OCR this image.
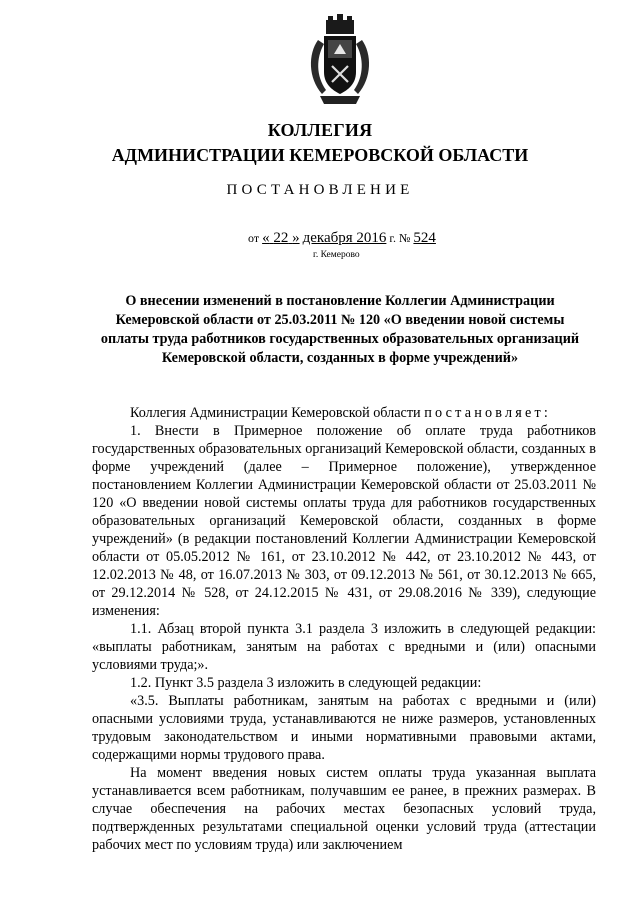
КОЛЛЕГИЯ
АДМИНИСТРАЦИИ КЕМЕРОВСКОЙ ОБЛАСТИ
ПОСТАНОВЛЕНИЕ
от « 22 » декабря 2016 г. № 524
г. Кемерово
О внесении изменений в постановление Коллегии Администрации Кемеровской области от 25.03.2011 № 120 «О введении новой системы оплаты труда работников государственных образовательных организаций Кемеровской области, созданных в форме учреждений»

Коллегия Администрации Кемеровской области постановляет:

1. Внести в Примерное положение об оплате труда работников государственных образовательных организаций Кемеровской области, созданных в форме учреждений (далее – Примерное положение), утвержденное постановлением Коллегии Администрации Кемеровской области от 25.03.2011 № 120 «О введении новой системы оплаты труда для работников государственных образовательных организаций Кемеровской области, созданных в форме учреждений» (в редакции постановлений Коллегии Администрации Кемеровской области от 05.05.2012 № 161, от 23.10.2012 № 442, от 23.10.2012 № 443, от 12.02.2013 № 48, от 16.07.2013 № 303, от 09.12.2013 № 561, от 30.12.2013 № 665, от 29.12.2014 № 528, от 24.12.2015 № 431, от 29.08.2016 № 339), следующие изменения:

1.1. Абзац второй пункта 3.1 раздела 3 изложить в следующей редакции: «выплаты работникам, занятым на работах с вредными и (или) опасными условиями труда;».

1.2. Пункт 3.5 раздела 3 изложить в следующей редакции:

«3.5. Выплаты работникам, занятым на работах с вредными и (или) опасными условиями труда, устанавливаются не ниже размеров, установленных трудовым законодательством и иными нормативными правовыми актами, содержащими нормы трудового права.

На момент введения новых систем оплаты труда указанная выплата устанавливается всем работникам, получавшим ее ранее, в прежних размерах. В случае обеспечения на рабочих местах безопасных условий труда, подтвержденных результатами специальной оценки условий труда (аттестации рабочих мест по условиям труда) или заключением
